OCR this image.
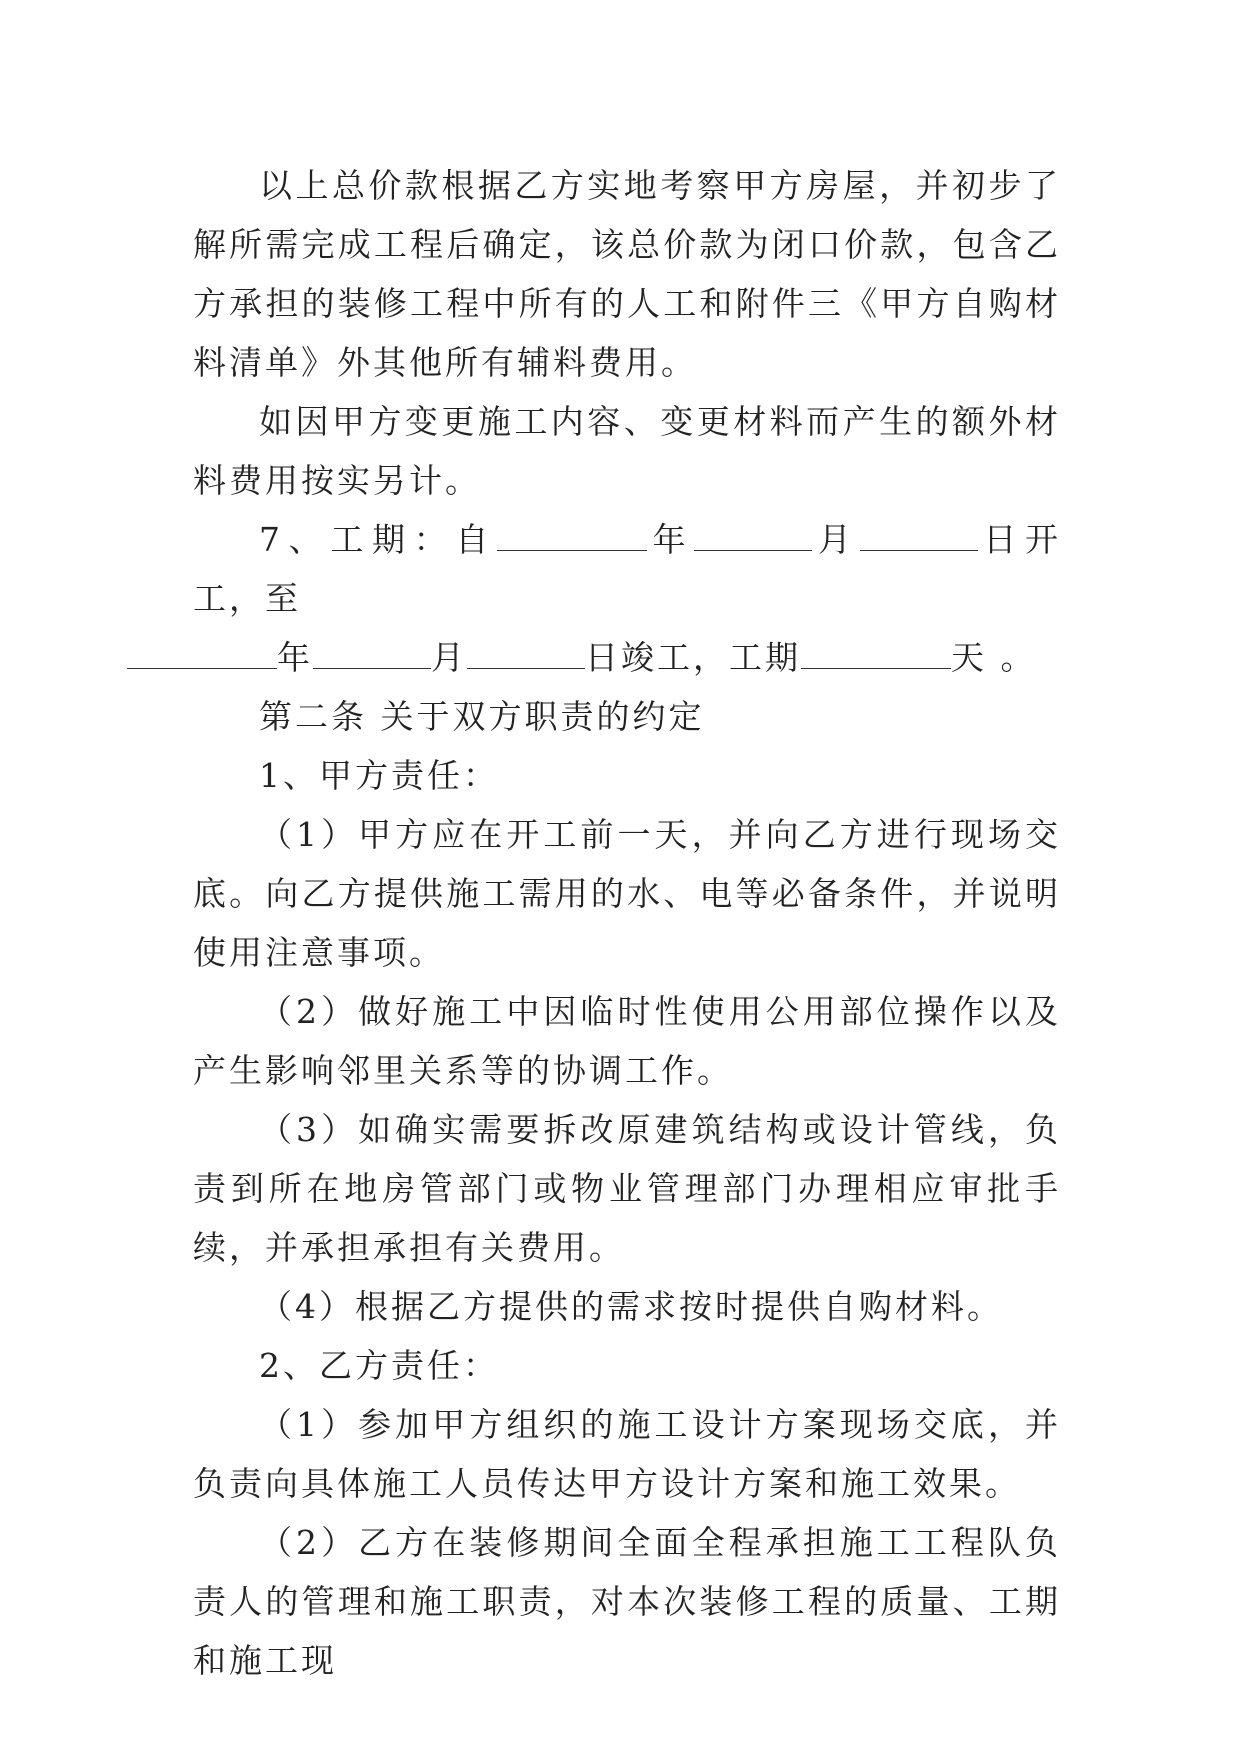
以上总价款根据乙方实地考察甲方房屋，并初步了解所需完成工程后确定，该总价款为闭口价款，包含乙方承担的装修工程中所有的人工和附件三《甲方自购材料清单》外其他所有辅料费用。

如因甲方变更施工内容、变更材料而产生的额外材料费用按实另计。

7、工期：自	年	月	日开工，至
年	月	日竣工，工期	天 。

第二条 关于双方职责的约定

1、甲方责任：

（1）甲方应在开工前一天，并向乙方进行现场交底。向乙方提供施工需用的水、电等必备条件，并说明使用注意事项。

（2）做好施工中因临时性使用公用部位操作以及产生影响邻里关系等的协调工作。

（3）如确实需要拆改原建筑结构或设计管线，负责到所在地房管部门或物业管理部门办理相应审批手续，并承担承担有关费用。

（4）根据乙方提供的需求按时提供自购材料。

2、乙方责任：

（1）参加甲方组织的施工设计方案现场交底，并负责向具体施工人员传达甲方设计方案和施工效果。

（2）乙方在装修期间全面全程承担施工工程队负责人的管理和施工职责，对本次装修工程的质量、工期和施工现
